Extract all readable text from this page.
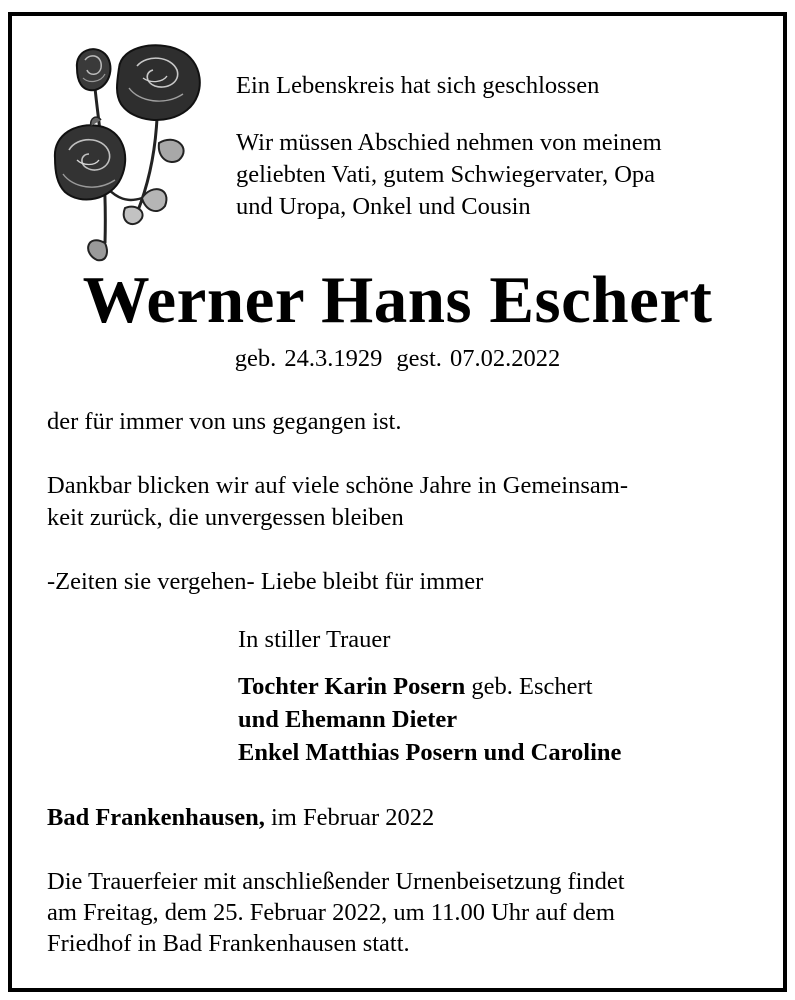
Ein Lebenskreis hat sich geschlossen

Wir müssen Abschied nehmen von meinem

geliebten Vati, gutem Schwiegervater, Opa

und Uropa, Onkel und Cousin

Werner Hans Eschert
geb. 24.3.1929 gest. 07.02.2022

der für immer von uns gegangen ist.

Dankbar blicken wir auf viele schöne Jahre in Gemeinsam-

keit zurück, die unvergessen bleiben

-Zeiten sie vergehen- Liebe bleibt für immer

In stiller Trauer

Tochter Karin Posern geb. Eschert

und Ehemann Dieter

Enkel Matthias Posern und Caroline

Bad Frankenhausen, im Februar 2022

Die Trauerfeier mit anschließender Urnenbeisetzung findet

am Freitag, dem 25. Februar 2022, um 11.00 Uhr auf dem

Friedhof in Bad Frankenhausen statt.
